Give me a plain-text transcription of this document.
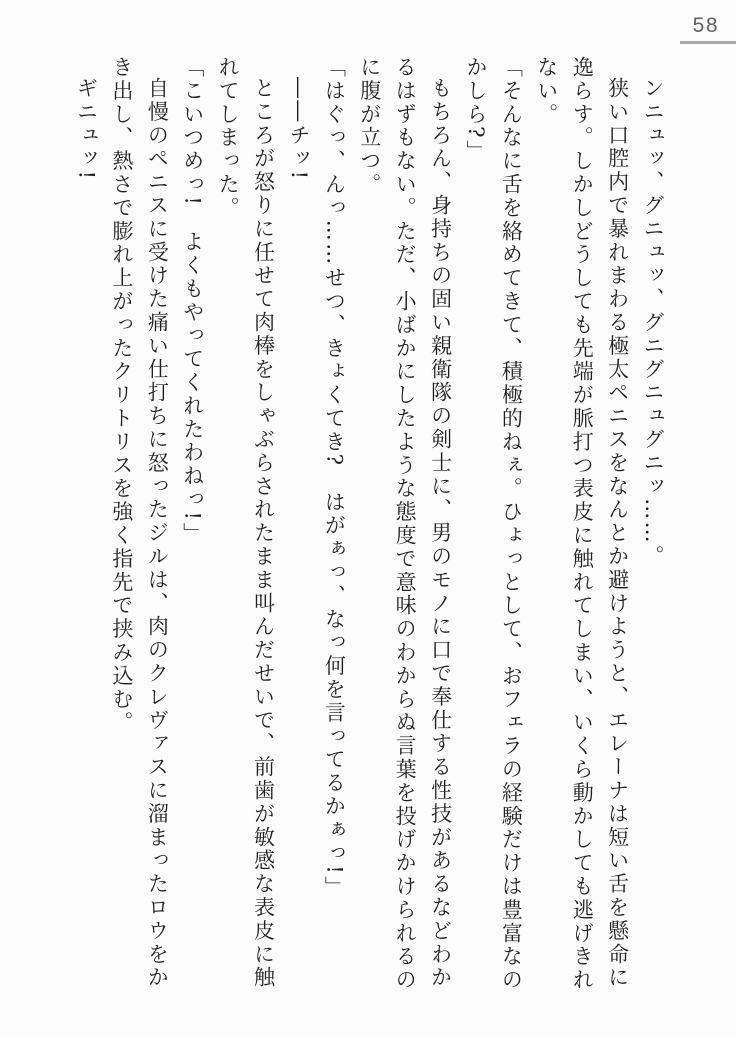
58

ンニュッ、グニュッ、グニグニュグニッ……。

狭い口腔内で暴れまわる極太ペニスをなんとか避けようと、エレーナは短い舌を懸命に逸らす。しかしどうしても先端が脈打つ表皮に触れてしまい、いくら動かしても逃げきれない。

「そんなに舌を絡めてきて、積極的ねぇ。ひょっとして、おフェラの経験だけは豊富なのかしら?」

もちろん、身持ちの固い親衛隊の剣士に、男のモノに口で奉仕する性技があるなどわかるはずもない。ただ、小ばかにしたような態度で意味のわからぬ言葉を投げかけられるのに腹が立つ。

「はぐっ、んっ……せつ、きょくてき?　はがぁっ、なっ何を言ってるかぁっ!」

――チッ!

ところが怒りに任せて肉棒をしゃぶらされたまま叫んだせいで、前歯が敏感な表皮に触れてしまった。

「こいつめっ!　よくもやってくれたわねっ!」

自慢のペニスに受けた痛い仕打ちに怒ったジルは、肉のクレヴァスに溜まったロウをかき出し、熱さで膨れ上がったクリトリスを強く指先で挟み込む。

ギニュッ!
